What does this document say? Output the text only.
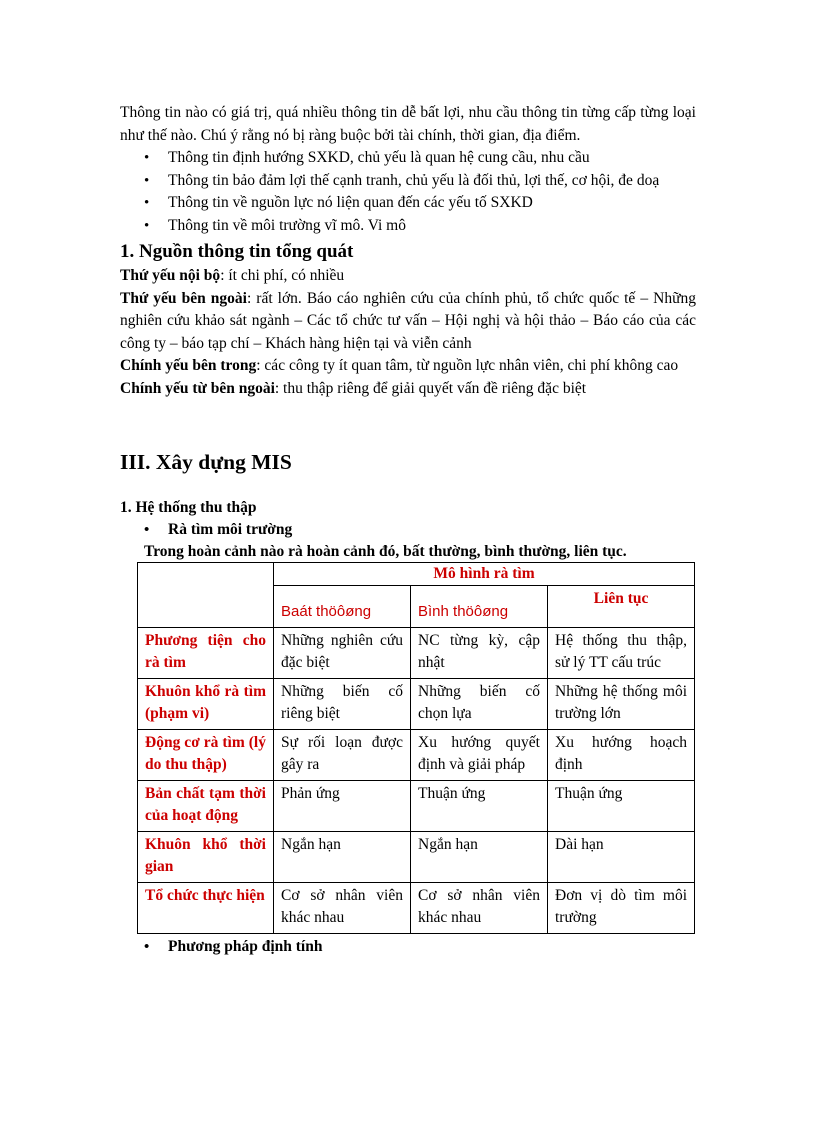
Thông tin nào có giá trị, quá nhiều thông tin dễ bất lợi, nhu cầu thông tin từng cấp từng loại như thế nào. Chú ý rằng nó bị ràng buộc bởi tài chính, thời gian, địa điểm.

• Thông tin định hướng SXKD, chủ yếu là quan hệ cung cầu, nhu cầu
• Thông tin bảo đảm lợi thế cạnh tranh, chủ yếu là đối thủ, lợi thế, cơ hội, đe doạ
• Thông tin về nguồn lực nó liện quan đến các yếu tố SXKD
• Thông tin về môi trường vĩ mô. Vi mô
1. Nguồn thông tin tổng quát

Thứ yếu nội bộ: ít chi phí, có nhiều

Thứ yếu bên ngoài: rất lớn. Báo cáo nghiên cứu của chính phủ, tổ chức quốc tế – Những nghiên cứu khảo sát ngành – Các tổ chức tư vấn – Hội nghị và hội thảo – Báo cáo của các công ty – báo tạp chí – Khách hàng hiện tại và viễn cảnh

Chính yếu bên trong: các công ty ít quan tâm, từ nguồn lực nhân viên, chi phí không cao

Chính yếu từ bên ngoài: thu thập riêng để giải quyết vấn đề riêng đặc biệt

III. Xây dựng MIS
1. Hệ thống thu thập
• Rà tìm môi trường
Trong hoàn cảnh nào rà hoàn cảnh đó, bất thường, bình thường, liên tục.
	Mô hình rà tìm		
	Baát thöôøng	Bình thöôøng	Liên tục
Phương tiện cho rà tìm	Những nghiên cứu đặc biệt	NC từng kỳ, cập nhật	Hệ thống thu thập, sử lý TT cấu trúc
Khuôn khổ rà tìm (phạm vi)	Những biến cố riêng biệt	Những biến cố chọn lựa	Những hệ thống môi trường lớn
Động cơ rà tìm (lý do thu thập)	Sự rối loạn được gây ra	Xu hướng quyết định và giải pháp	Xu hướng hoạch định
Bản chất tạm thời của hoạt động	Phản ứng	Thuận ứng	Thuận ứng
Khuôn khổ thời gian	Ngắn hạn	Ngắn hạn	Dài hạn
Tổ chức thực hiện	Cơ sở nhân viên khác nhau	Cơ sở nhân viên khác nhau	Đơn vị dò tìm môi trường
• Phương pháp định tính
